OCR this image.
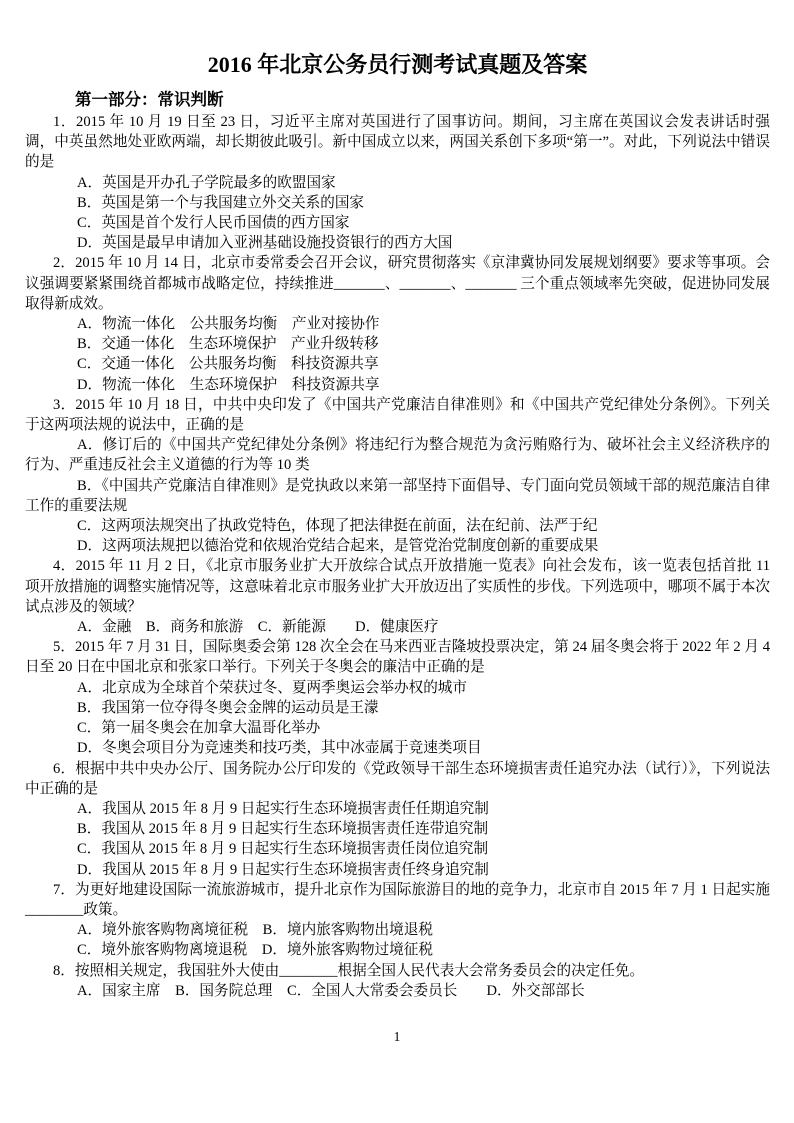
2016 年北京公务员行测考试真题及答案
第一部分：常识判断

1．2015 年 10 月 19 日至 23 日，习近平主席对英国进行了国事访问。期间，习主席在英国议会发表讲话时强调，中英虽然地处亚欧两端，却长期彼此吸引。新中国成立以来，两国关系创下多项“第一”。对此，下列说法中错误的是

A．英国是开办孔子学院最多的欧盟国家

B．英国是第一个与我国建立外交关系的国家

C．英国是首个发行人民币国债的西方国家

D．英国是最早申请加入亚洲基础设施投资银行的西方大国

2．2015 年 10 月 14 日，北京市委常委会召开会议，研究贯彻落实《京津冀协同发展规划纲要》要求等事项。会议强调要紧紧围绕首都城市战略定位，持续推进_______、_______、_______ 三个重点领域率先突破，促进协同发展取得新成效。

A．物流一体化　公共服务均衡　产业对接协作

B．交通一体化　生态环境保护　产业升级转移

C．交通一体化　公共服务均衡　科技资源共享

D．物流一体化　生态环境保护　科技资源共享

3．2015 年 10 月 18 日，中共中央印发了《中国共产党廉洁自律准则》和《中国共产党纪律处分条例》。下列关于这两项法规的说法中，正确的是

A．修订后的《中国共产党纪律处分条例》将违纪行为整合规范为贪污贿赂行为、破坏社会主义经济秩序的行为、严重违反社会主义道德的行为等 10 类

B．《中国共产党廉洁自律准则》是党执政以来第一部坚持下面倡导、专门面向党员领域干部的规范廉洁自律工作的重要法规

C．这两项法规突出了执政党特色，体现了把法律挺在前面，法在纪前、法严于纪

D．这两项法规把以德治党和依规治党结合起来，是管党治党制度创新的重要成果

4．2015 年 11 月 2 日，《北京市服务业扩大开放综合试点开放措施一览表》向社会发布，该一览表包括首批 11 项开放措施的调整实施情况等，这意味着北京市服务业扩大开放迈出了实质性的步伐。下列选项中，哪项不属于本次试点涉及的领域？

A．金融　B．商务和旅游　C．新能源　　D．健康医疗

5．2015 年 7 月 31 日，国际奥委会第 128 次全会在马来西亚吉隆坡投票决定，第 24 届冬奥会将于 2022 年 2 月 4 日至 20 日在中国北京和张家口举行。下列关于冬奥会的廉洁中正确的是

A．北京成为全球首个荣获过冬、夏两季奥运会举办权的城市

B．我国第一位夺得冬奥会金牌的运动员是王濛

C．第一届冬奥会在加拿大温哥化举办

D．冬奥会项目分为竞速类和技巧类，其中冰壶属于竞速类项目

6．根据中共中央办公厅、国务院办公厅印发的《党政领导干部生态环境损害责任追究办法（试行）》，下列说法中正确的是

A．我国从 2015 年 8 月 9 日起实行生态环境损害责任任期追究制

B．我国从 2015 年 8 月 9 日起实行生态环境损害责任连带追究制

C．我国从 2015 年 8 月 9 日起实行生态环境损害责任岗位追究制

D．我国从 2015 年 8 月 9 日起实行生态环境损害责任终身追究制

7．为更好地建设国际一流旅游城市，提升北京作为国际旅游目的地的竞争力，北京市自 2015 年 7 月 1 日起实施________政策。

A．境外旅客购物离境征税　B．境内旅客购物出境退税

C．境外旅客购物离境退税　D．境外旅客购物过境征税

8．按照相关规定，我国驻外大使由________根据全国人民代表大会常务委员会的决定任免。

A．国家主席　B．国务院总理　C．全国人大常委会委员长　　D．外交部部长

1
